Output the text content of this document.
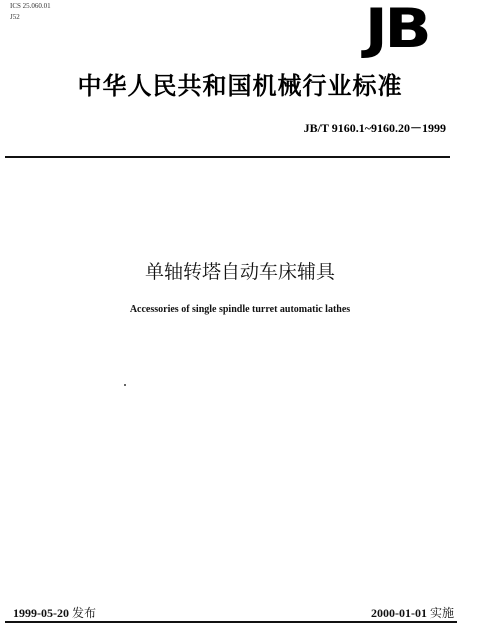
ICS 25.060.01
J52	JB
中华人民共和国机械行业标准
JB/T 9160.1~9160.20－1999
单轴转塔自动车床辅具
Accessories of single spindle turret automatic lathes
1999-05-20 发布	2000-01-01 实施
